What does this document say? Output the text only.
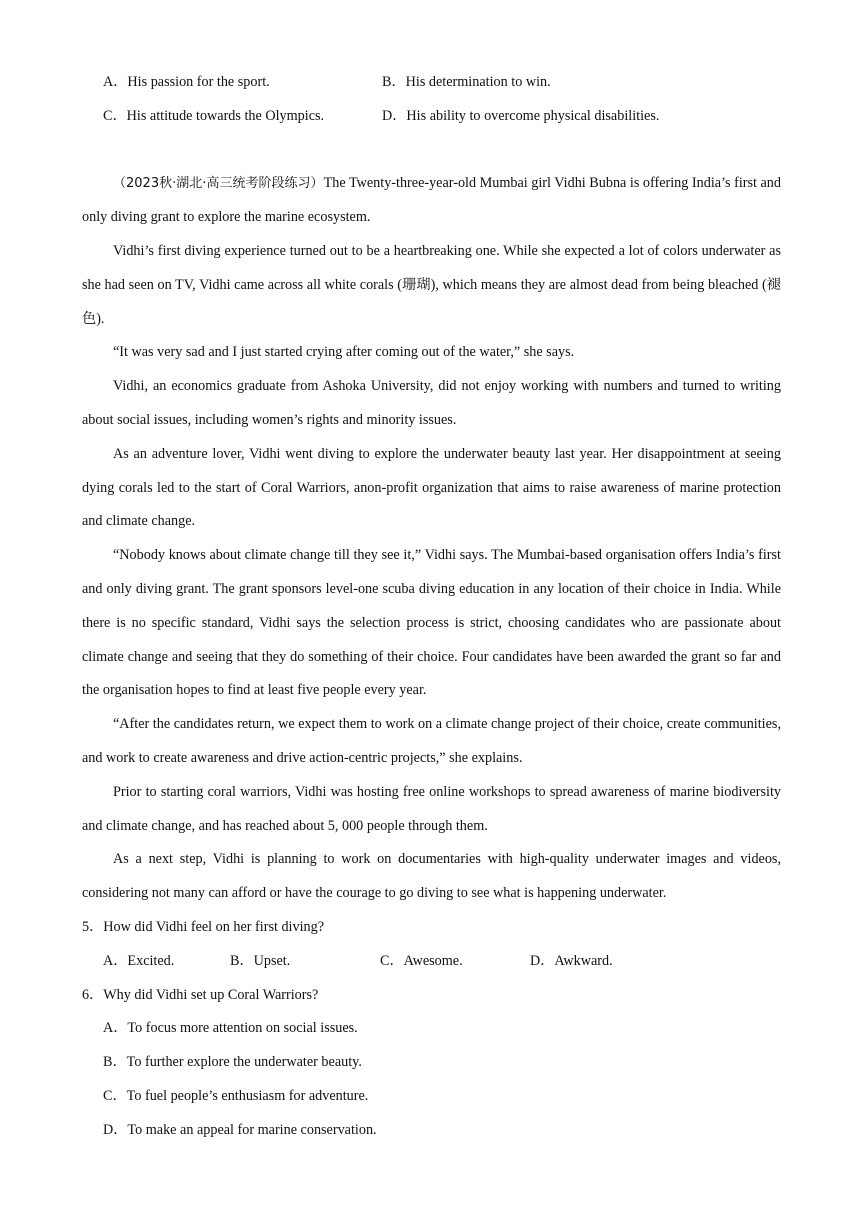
A．His passion for the sport.	B．His determination to win.
C．His attitude towards the Olympics.	D．His ability to overcome physical disabilities.

（2023秋·湖北·高三统考阶段练习）The Twenty-three-year-old Mumbai girl Vidhi Bubna is offering India’s first and only diving grant to explore the marine ecosystem.

Vidhi’s first diving experience turned out to be a heartbreaking one. While she expected a lot of colors underwater as she had seen on TV, Vidhi came across all white corals (珊瑚), which means they are almost dead from being bleached (褪色).

“It was very sad and I just started crying after coming out of the water,” she says.

Vidhi, an economics graduate from Ashoka University, did not enjoy working with numbers and turned to writing about social issues, including women’s rights and minority issues.

As an adventure lover, Vidhi went diving to explore the underwater beauty last year. Her disappointment at seeing dying corals led to the start of Coral Warriors, anon-profit organization that aims to raise awareness of marine protection and climate change.

“Nobody knows about climate change till they see it,” Vidhi says. The Mumbai-based organisation offers India’s first and only diving grant. The grant sponsors level-one scuba diving education in any location of their choice in India. While there is no specific standard, Vidhi says the selection process is strict, choosing candidates who are passionate about climate change and seeing that they do something of their choice. Four candidates have been awarded the grant so far and the organisation hopes to find at least five people every year.

“After the candidates return, we expect them to work on a climate change project of their choice, create communities, and work to create awareness and drive action-centric projects,” she explains.

Prior to starting coral warriors, Vidhi was hosting free online workshops to spread awareness of marine biodiversity and climate change, and has reached about 5, 000 people through them.

As a next step, Vidhi is planning to work on documentaries with high-quality underwater images and videos, considering not many can afford or have the courage to go diving to see what is happening underwater.

5．How did Vidhi feel on her first diving?
A．Excited.	B．Upset.	C．Awesome.	D．Awkward.
6．Why did Vidhi set up Coral Warriors?
A．To focus more attention on social issues.
B．To further explore the underwater beauty.
C．To fuel people’s enthusiasm for adventure.
D．To make an appeal for marine conservation.
